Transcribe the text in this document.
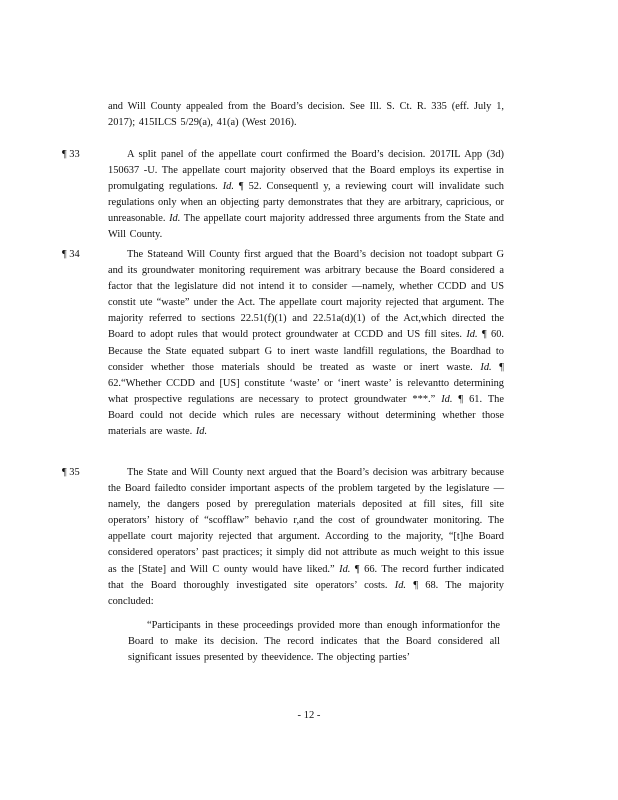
and Will County appealed from the Board’s decision. See Ill. S. Ct. R. 335 (eff. July 1, 2017); 415ILCS 5/29(a), 41(a) (West 2016).
¶ 33	A split panel of the appellate court confirmed the Board’s decision. 2017IL App (3d) 150637 -U. The appellate court majority observed that the Board employs its expertise in promulgating regulations. Id. ¶ 52. Consequentl y, a reviewing court will invalidate such regulations only when an objecting party demonstrates that they are arbitrary, capricious, or unreasonable. Id. The appellate court majority addressed three arguments from the State and Will County.
¶ 34	The Stateand Will County first argued that the Board’s decision not toadopt subpart G and its groundwater monitoring requirement was arbitrary because the Board considered a factor that the legislature did not intend it to consider —namely, whether CCDD and US constit ute “waste” under the Act. The appellate court majority rejected that argument. The majority referred to sections 22.51(f)(1) and 22.51a(d)(1) of the Act,which directed the Board to adopt rules that would protect groundwater at CCDD and US fill sites. Id. ¶ 60. Because the State equated subpart G to inert waste landfill regulations, the Boardhad to consider whether those materials should be treated as waste or inert waste. Id. ¶ 62.“Whether CCDD and [US] constitute ‘waste’ or ‘inert waste’ is relevantto determining what prospective regulations are necessary to protect groundwater ***.” Id. ¶ 61. The Board could not decide which rules are necessary without determining whether those materials are waste. Id.
¶ 35	The State and Will County next argued that the Board’s decision was arbitrary because the Board failedto consider important aspects of the problem targeted by the legislature —namely, the dangers posed by preregulation materials deposited at fill sites, fill site operators’ history of “scofflaw” behavio r,and the cost of groundwater monitoring. The appellate court majority rejected that argument. According to the majority, “[t]he Board considered operators’ past practices; it simply did not attribute as much weight to this issue as the [State] and Will C ounty would have liked.” Id. ¶ 66. The record further indicated that the Board thoroughly investigated site operators’ costs. Id. ¶ 68. The majority concluded:
“Participants in these proceedings provided more than enough informationfor the Board to make its decision. The record indicates that the Board considered all significant issues presented by theevidence. The objecting parties’
- 12 -
